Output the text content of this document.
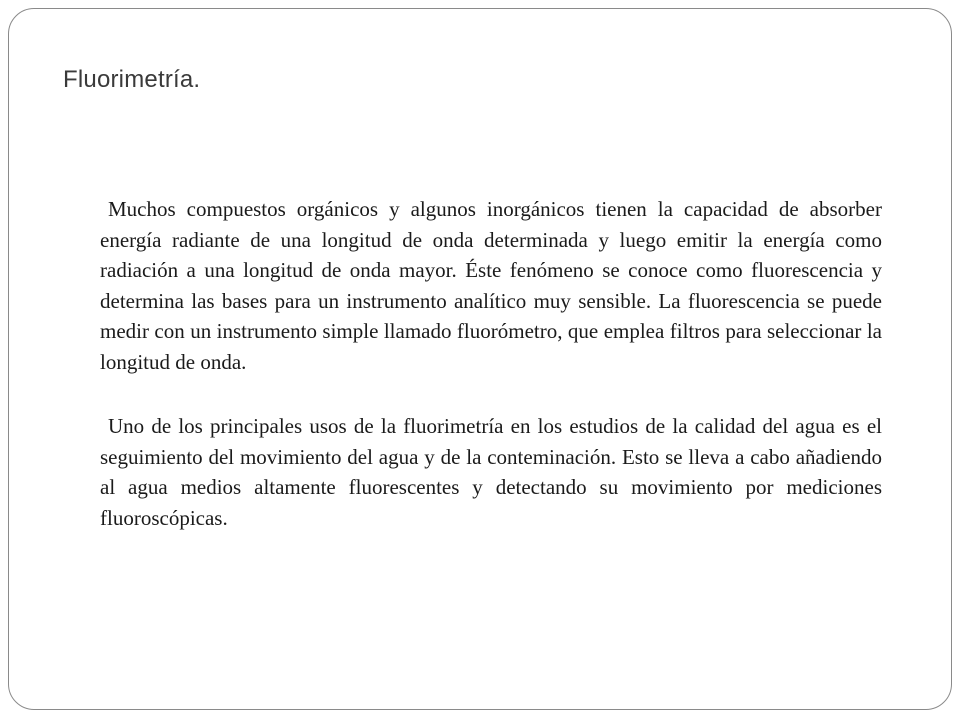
Fluorimetría.

Muchos compuestos orgánicos y algunos inorgánicos tienen la capacidad de absorber energía radiante de una longitud de onda determinada y luego emitir la energía como radiación a una longitud de onda mayor. Éste fenómeno se conoce como fluorescencia y determina las bases para un instrumento analítico muy sensible. La fluorescencia se puede medir con un instrumento simple llamado fluorómetro, que emplea filtros para seleccionar la longitud de onda.

Uno de los principales usos de la fluorimetría en los estudios de la calidad del agua es el seguimiento del movimiento del agua y de la conteminación. Esto se lleva a cabo añadiendo al agua medios altamente fluorescentes y detectando su movimiento por mediciones fluoroscópicas.
